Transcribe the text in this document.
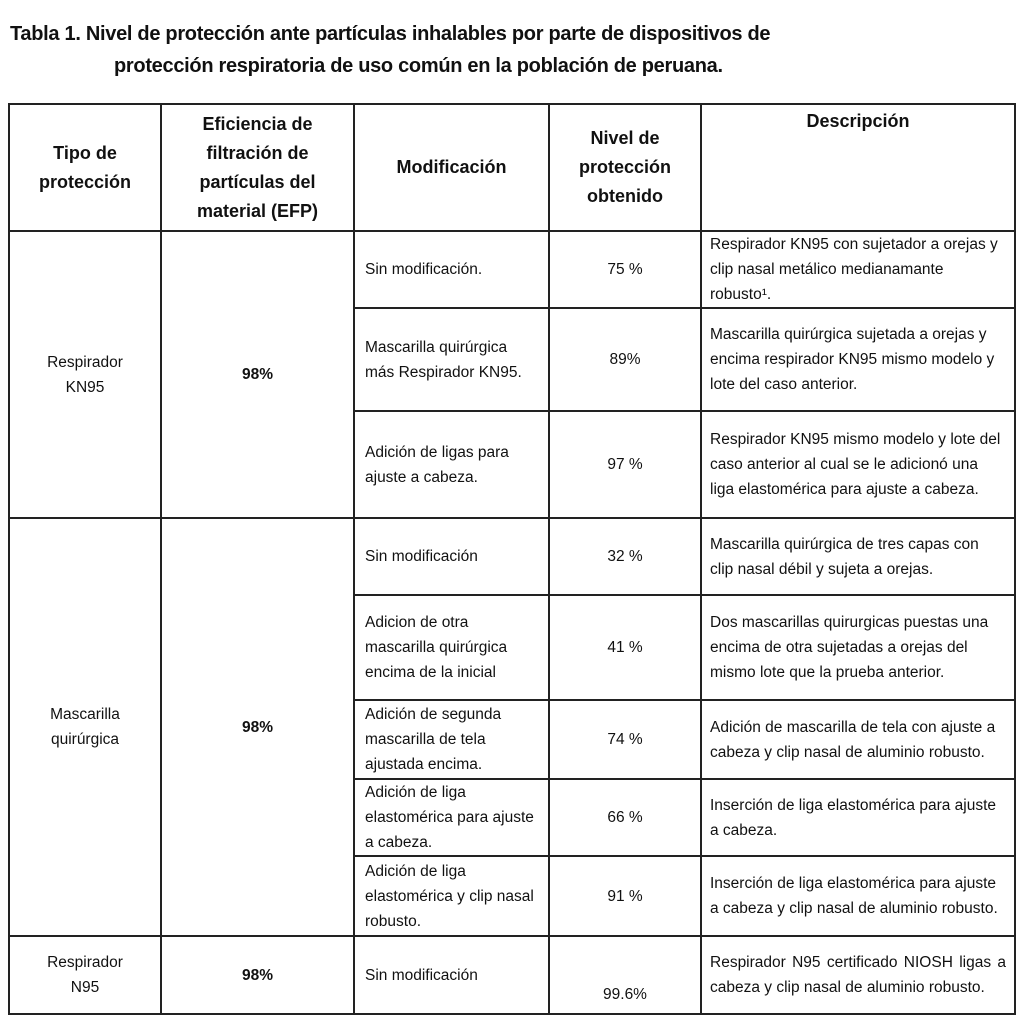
Tabla 1. Nivel de protección ante partículas inhalables por parte de dispositivos de
protección respiratoria de uso común en la población de peruana.
Tipo de protección	Eficiencia de filtración de partículas del material (EFP)	Modificación	Nivel de protección obtenido	Descripción
Respirador KN95	98%	Sin modificación.	75 %	Respirador KN95 con sujetador a orejas y clip nasal metálico medianamante robusto¹.
		Mascarilla quirúrgica más Respirador KN95.	89%	Mascarilla quirúrgica sujetada a orejas y encima respirador KN95 mismo modelo y lote del caso anterior.
		Adición de ligas para ajuste a cabeza.	97 %	Respirador KN95 mismo modelo y lote del caso anterior al cual se le adicionó una liga elastomérica para ajuste a cabeza.
Mascarilla quirúrgica	98%	Sin modificación	32 %	Mascarilla quirúrgica de tres capas con clip nasal débil y sujeta a orejas.
		Adicion de otra mascarilla quirúrgica encima de la inicial	41 %	Dos mascarillas quirurgicas puestas una encima de otra sujetadas a orejas del mismo lote que la prueba anterior.
		Adición de segunda mascarilla de tela ajustada encima.	74 %	Adición de mascarilla de tela con ajuste a cabeza y clip nasal de aluminio robusto.
		Adición de liga elastomérica para ajuste a cabeza.	66 %	Inserción de liga elastomérica para ajuste a cabeza.
		Adición de liga elastomérica y clip nasal robusto.	91 %	Inserción de liga elastomérica para ajuste a cabeza y clip nasal de aluminio robusto.
Respirador N95	98%	Sin modificación	99.6%	Respirador N95 certificado NIOSH ligas a cabeza y clip nasal de aluminio robusto.
